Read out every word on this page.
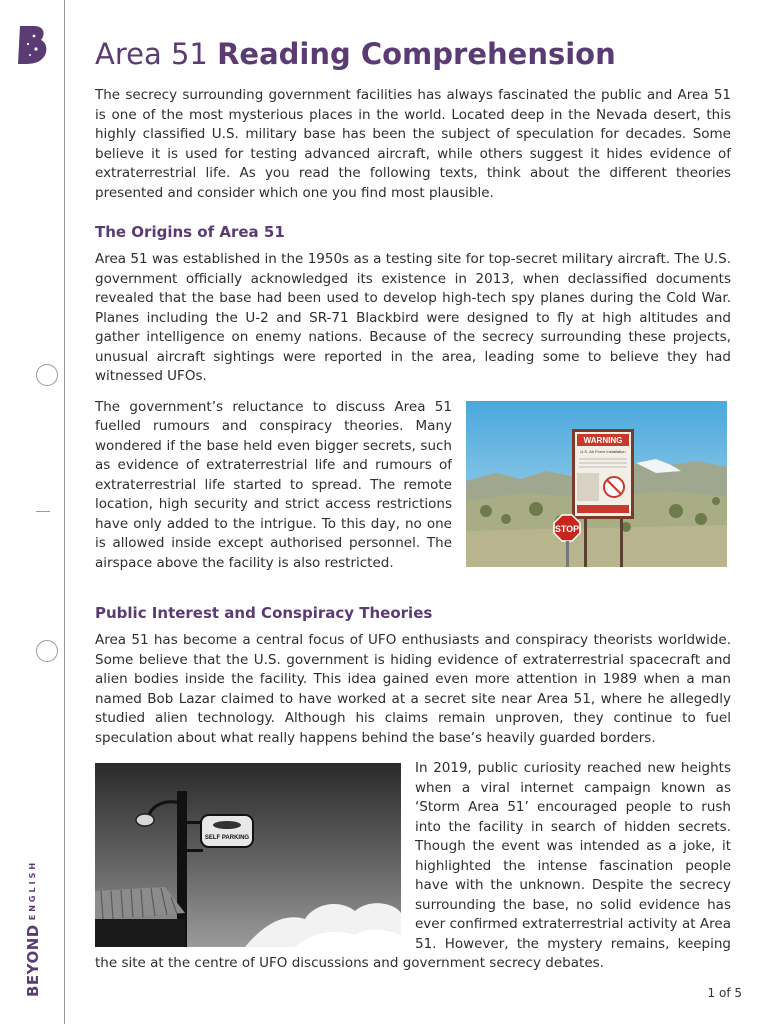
BEYONDENGLISH
Area 51 Reading Comprehension

The secrecy surrounding government facilities has always fascinated the public and Area 51 is one of the most mysterious places in the world. Located deep in the Nevada desert, this highly classified U.S. military base has been the subject of speculation for decades. Some believe it is used for testing advanced aircraft, while others suggest it hides evidence of extraterrestrial life. As you read the following texts, think about the different theories presented and consider which one you find most plausible.

The Origins of Area 51

Area 51 was established in the 1950s as a testing site for top-secret military aircraft. The U.S. government officially acknowledged its existence in 2013, when declassified documents revealed that the base had been used to develop high-tech spy planes during the Cold War. Planes including the U-2 and SR-71 Blackbird were designed to fly at high altitudes and gather intelligence on enemy nations. Because of the secrecy surrounding these projects, unusual aircraft sightings were reported in the area, leading some to believe they had witnessed UFOs.

WARNING
U.S. Air Force Installation
STOP

The government’s reluctance to discuss Area 51 fuelled rumours and conspiracy theories. Many wondered if the base held even bigger secrets, such as evidence of extraterrestrial life and rumours of extraterrestrial life started to spread. The remote location, high security and strict access restrictions have only added to the intrigue. To this day, no one is allowed inside except authorised personnel. The airspace above the facility is also restricted.

Public Interest and Conspiracy Theories

Area 51 has become a central focus of UFO enthusiasts and conspiracy theorists worldwide. Some believe that the U.S. government is hiding evidence of extraterrestrial spacecraft and alien bodies inside the facility. This idea gained even more attention in 1989 when a man named Bob Lazar claimed to have worked at a secret site near Area 51, where he allegedly studied alien technology. Although his claims remain unproven, they continue to fuel speculation about what really happens behind the base’s heavily guarded borders.

SELF PARKING

In 2019, public curiosity reached new heights when a viral internet campaign known as ‘Storm Area 51’ encouraged people to rush into the facility in search of hidden secrets. Though the event was intended as a joke, it highlighted the intense fascination people have with the unknown. Despite the secrecy surrounding the base, no solid evidence has ever confirmed extraterrestrial activity at Area 51. However, the mystery remains, keeping the site at the centre of UFO discussions and government secrecy debates.

1 of 5
